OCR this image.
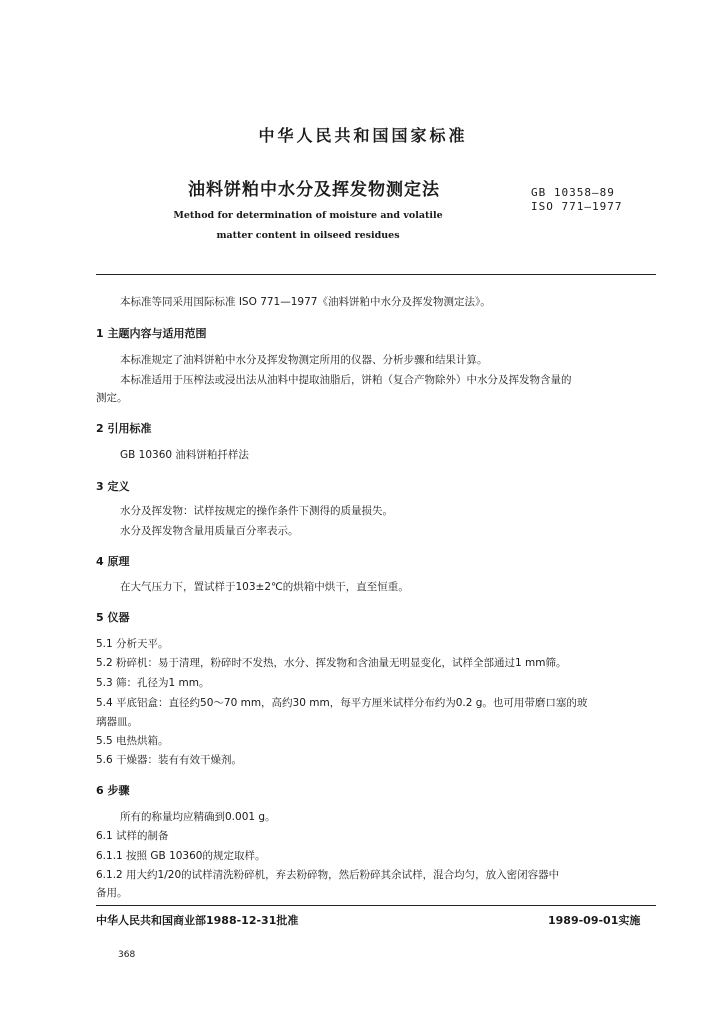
中华人民共和国国家标准
油料饼粕中水分及挥发物测定法	GB 10358—89
ISO 771—1977
Method for determination of moisture and volatile
matter content in oilseed residues
本标准等同采用国际标准 ISO 771—1977《油料饼粕中水分及挥发物测定法》。
1 主题内容与适用范围
本标准规定了油料饼粕中水分及挥发物测定所用的仪器、分析步骤和结果计算。
本标准适用于压榨法或浸出法从油料中提取油脂后，饼粕（复合产物除外）中水分及挥发物含量的
测定。
2 引用标准
GB 10360 油料饼粕扦样法
3 定义
水分及挥发物：试样按规定的操作条件下测得的质量损失。
水分及挥发物含量用质量百分率表示。
4 原理
在大气压力下，置试样于103±2℃的烘箱中烘干，直至恒重。
5 仪器
5.1 分析天平。
5.2 粉碎机：易于清理，粉碎时不发热，水分、挥发物和含油量无明显变化，试样全部通过1 mm筛。
5.3 筛：孔径为1 mm。
5.4 平底铝盒：直径约50～70 mm，高约30 mm，每平方厘米试样分布约为0.2 g。也可用带磨口塞的玻
璃器皿。
5.5 电热烘箱。
5.6 干燥器：装有有效干燥剂。
6 步骤
所有的称量均应精确到0.001 g。
6.1 试样的制备
6.1.1 按照 GB 10360的规定取样。
6.1.2 用大约1/20的试样清洗粉碎机，弃去粉碎物，然后粉碎其余试样，混合均匀，放入密闭容器中
备用。
中华人民共和国商业部1988-12-31批准	1989-09-01实施
368
